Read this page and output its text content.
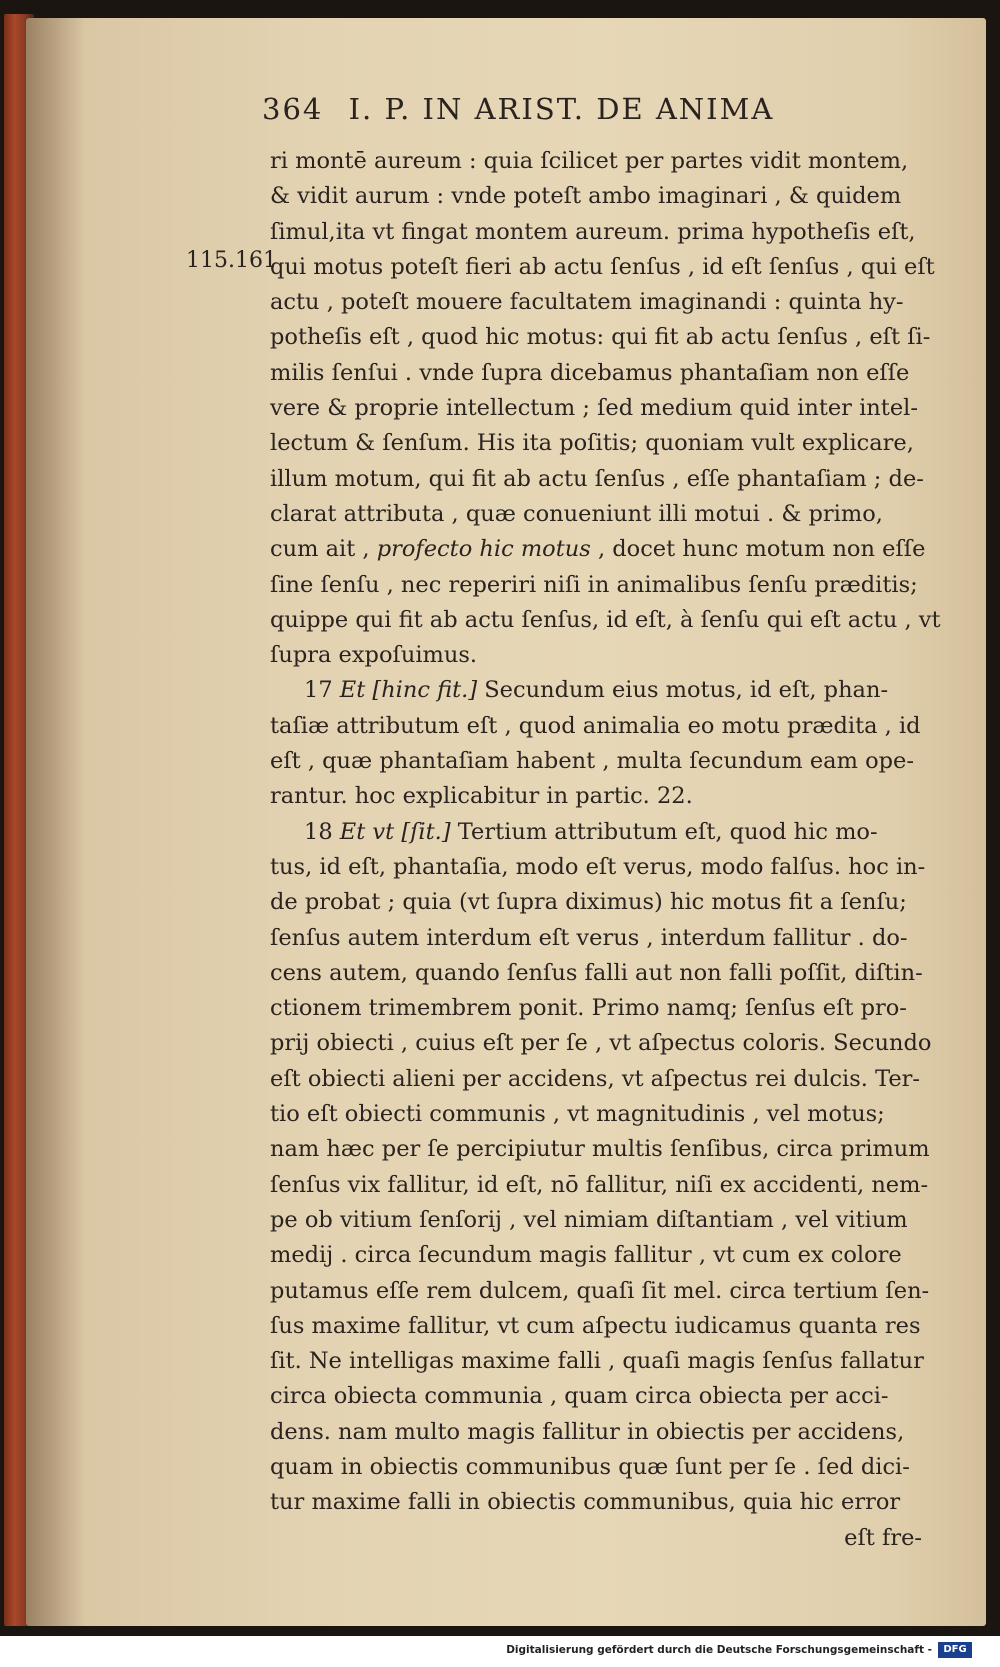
364 I. P. IN ARIST. DE ANIMA
115.161
ri montē aureum : quia ſcilicet per partes vidit montem,
& vidit aurum : vnde poteſt ambo imaginari , & quidem
ſimul,ita vt fingat montem aureum. prima hypotheſis eſt,
qui motus poteſt fieri ab actu ſenſus , id eſt ſenſus , qui eſt
actu , poteſt mouere facultatem imaginandi : quinta hy-
potheſis eſt , quod hic motus: qui fit ab actu ſenſus , eſt ſi-
milis ſenſui . vnde ſupra dicebamus phantaſiam non eſſe
vere & proprie intellectum ; ſed medium quid inter intel-
lectum & ſenſum. His ita poſitis; quoniam vult explicare,
illum motum, qui fit ab actu ſenſus , eſſe phantaſiam ; de-
clarat attributa , quæ conueniunt illi motui . & primo,
cum ait , profecto hic motus , docet hunc motum non eſſe
ſine ſenſu , nec reperiri niſi in animalibus ſenſu præditis;
quippe qui fit ab actu ſenſus, id eſt, à ſenſu qui eſt actu , vt
ſupra expoſuimus.
17 Et [hinc fit.] Secundum eius motus, id eſt, phan-
taſiæ attributum eſt , quod animalia eo motu prædita , id
eſt , quæ phantaſiam habent , multa ſecundum eam ope-
rantur. hoc explicabitur in partic. 22.
18 Et vt [ſit.] Tertium attributum eſt, quod hic mo-
tus, id eſt, phantaſia, modo eſt verus, modo falſus. hoc in-
de probat ; quia (vt ſupra diximus) hic motus fit a ſenſu;
ſenſus autem interdum eſt verus , interdum fallitur . do-
cens autem, quando ſenſus falli aut non falli poſſit, diſtin-
ctionem trimembrem ponit. Primo namq; ſenſus eſt pro-
prij obiecti , cuius eſt per ſe , vt aſpectus coloris. Secundo
eſt obiecti alieni per accidens, vt aſpectus rei dulcis. Ter-
tio eſt obiecti communis , vt magnitudinis , vel motus;
nam hæc per ſe percipiutur multis ſenſibus, circa primum
ſenſus vix fallitur, id eſt, nō fallitur, niſi ex accidenti, nem-
pe ob vitium ſenſorij , vel nimiam diſtantiam , vel vitium
medij . circa ſecundum magis fallitur , vt cum ex colore
putamus eſſe rem dulcem, quaſi ſit mel. circa tertium ſen-
ſus maxime fallitur, vt cum aſpectu iudicamus quanta res
ſit. Ne intelligas maxime falli , quaſi magis ſenſus fallatur
circa obiecta communia , quam circa obiecta per acci-
dens. nam multo magis fallitur in obiectis per accidens,
quam in obiectis communibus quæ ſunt per ſe . ſed dici-
tur maxime falli in obiectis communibus, quia hic error
eſt fre-
Digitalisierung gefördert durch die Deutsche Forschungsgemeinschaft -	DFG
